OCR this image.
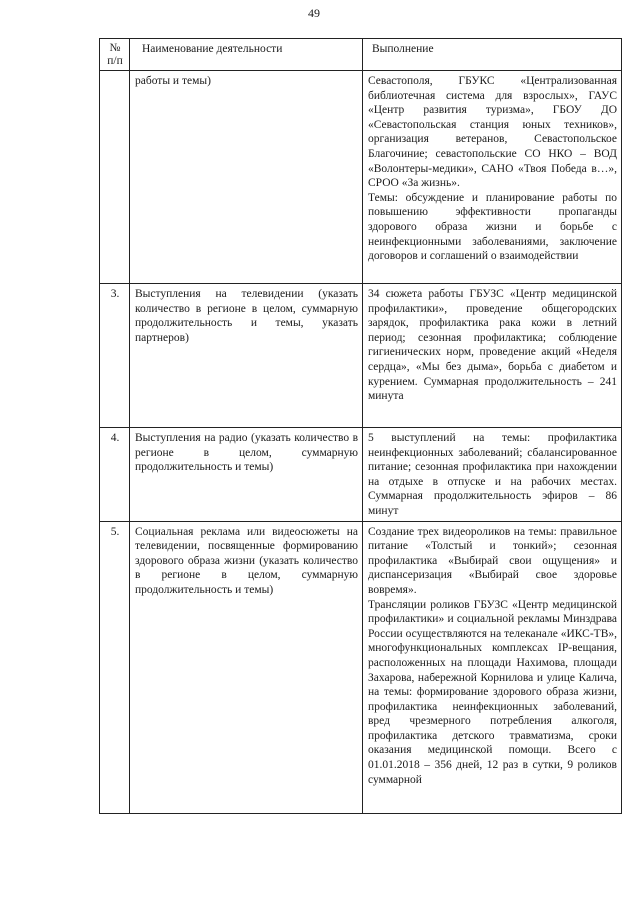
49
№ п/п	Наименование деятельности	Выполнение
	работы и темы)	Севастополя, ГБУКС «Централизованная библиотечная система для взрослых», ГАУС «Центр развития туризма», ГБОУ ДО «Севастопольская станция юных техников», организация ветеранов, Севастопольское Благочиние; севастопольские СО НКО – ВОД «Волонтеры-медики», САНО «Твоя Победа в…», СРОО «За жизнь».

Темы: обсуждение и планирование работы по повышению эффективности пропаганды здорового образа жизни и борьбе с неинфекционными заболеваниями, заключение договоров и соглашений о взаимодействии

3.	Выступления на телевидении (указать количество в регионе в целом, суммарную продолжительность и темы, указать партнеров)	34 сюжета работы ГБУЗС «Центр медицинской профилактики», проведение общегородских зарядок, профилактика рака кожи в летний период; сезонная профилактика; соблюдение гигиенических норм, проведение акций «Неделя сердца», «Мы без дыма», борьба с диабетом и курением. Суммарная продолжительность – 241 минута

4.	Выступления на радио (указать количество в регионе в целом, суммарную продолжительность и темы)	5 выступлений на темы: профилактика неинфекционных заболеваний; сбалансированное питание; сезонная профилактика при нахождении на отдыхе в отпуске и на рабочих местах. Суммарная продолжительность эфиров – 86 минут

5.	Социальная реклама или видеосюжеты на телевидении, посвященные формированию здорового образа жизни (указать количество в регионе в целом, суммарную продолжительность и темы)	Создание трех видеороликов на темы: правильное питание «Толстый и тонкий»; сезонная профилактика «Выбирай свои ощущения» и диспансеризация «Выбирай свое здоровье вовремя».

Трансляции роликов ГБУЗС «Центр медицинской профилактики» и социальной рекламы Минздрава России осуществляются на телеканале «ИКС-ТВ», многофункциональных комплексах IP-вещания, расположенных на площади Нахимова, площади Захарова, набережной Корнилова и улице Калича, на темы: формирование здорового образа жизни, профилактика неинфекционных заболеваний, вред чрезмерного потребления алкоголя, профилактика детского травматизма, сроки оказания медицинской помощи. Всего с 01.01.2018 – 356 дней, 12 раз в сутки, 9 роликов суммарной
